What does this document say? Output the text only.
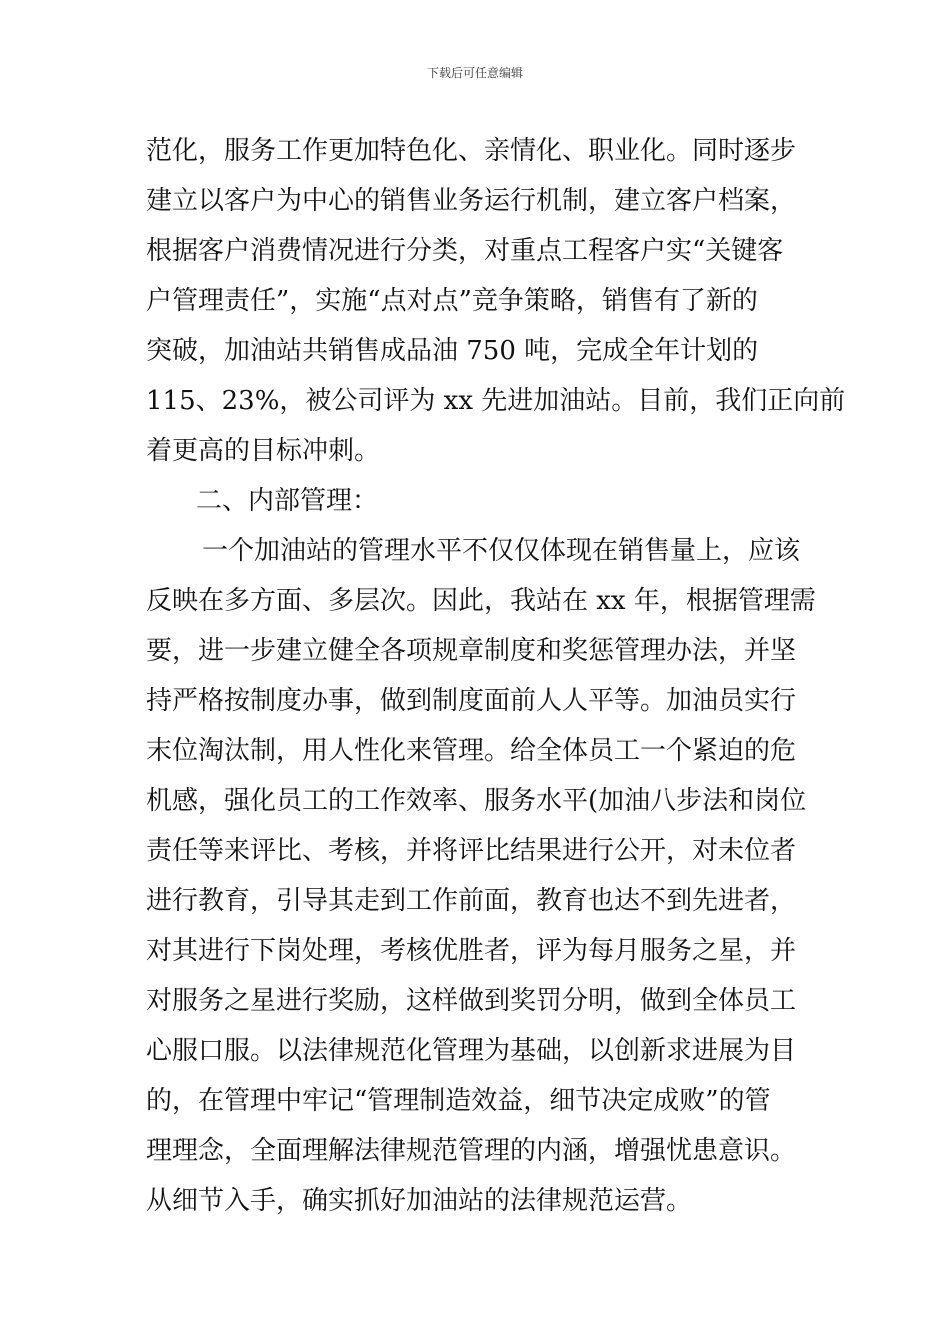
下载后可任意编辑
范化，服务工作更加特色化、亲情化、职业化。同时逐步
建立以客户为中心的销售业务运行机制，建立客户档案，
根据客户消费情况进行分类，对重点工程客户实“关键客
户管理责任”，实施“点对点”竞争策略，销售有了新的
突破，加油站共销售成品油 750 吨，完成全年计划的
115、23%，被公司评为 xx 先进加油站。目前，我们正向前
着更高的目标冲刺。
二、内部管理：
一个加油站的管理水平不仅仅体现在销售量上，应该
反映在多方面、多层次。因此，我站在 xx 年，根据管理需
要，进一步建立健全各项规章制度和奖惩管理办法，并坚
持严格按制度办事，做到制度面前人人平等。加油员实行
末位淘汰制，用人性化来管理。给全体员工一个紧迫的危
机感，强化员工的工作效率、服务水平(加油八步法和岗位
责任等来评比、考核，并将评比结果进行公开，对未位者
进行教育，引导其走到工作前面，教育也达不到先进者，
对其进行下岗处理，考核优胜者，评为每月服务之星，并
对服务之星进行奖励，这样做到奖罚分明，做到全体员工
心服口服。以法律规范化管理为基础，以创新求进展为目
的，在管理中牢记“管理制造效益，细节决定成败”的管
理理念，全面理解法律规范管理的内涵，增强忧患意识。
从细节入手，确实抓好加油站的法律规范运营。
